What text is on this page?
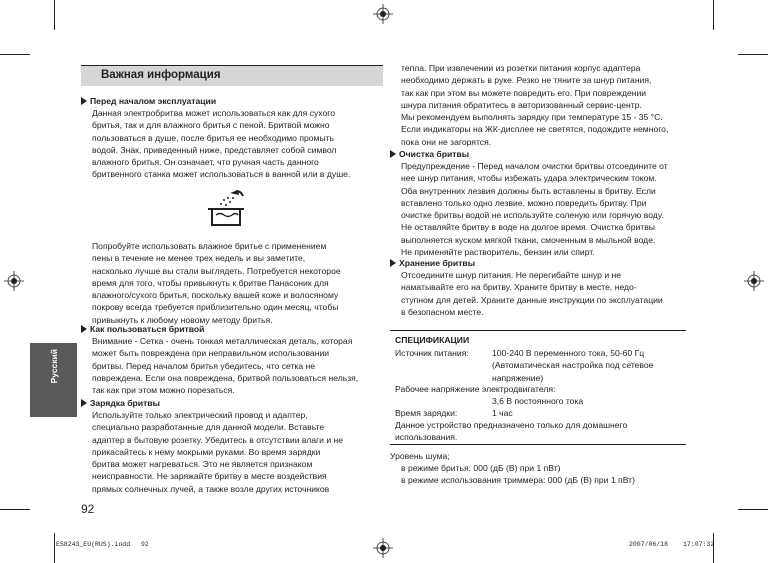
Важная информация
Перед началом эксплуатации
Данная электробритва может использоваться как для сухого
бритья, так и для влажного бритья с пеной. Бритвой можно
пользоваться в душе, после бритья ее необходимо промыть
водой. Знак, приведенный ниже, представляет собой символ
влажного бритья. Он означает, что ручная часть данного
бритвенного станка может использоваться в ванной или в душе.
Попробуйте использовать влажное бритье с применением
пены в течение не менее трех недель и вы заметите,
насколько лучше вы стали выглядеть. Потребуется некоторое
время для того, чтобы привыкнуть к бритве Панасоник для
влажного/сухого бритья, поскольку вашей коже и волосяному
покрову всегда требуется приблизительно один месяц, чтобы
привыкнуть к любому новому методу бритья.
Как пользоваться бритвой
Внимание - Сетка - очень тонкая металлическая деталь, которая
может быть повреждена при неправильном использовании
бритвы. Перед началом бритья убедитесь, что сетка не
повреждена. Если она повреждена, бритвой пользоваться нельзя,
так как при этом можно порезаться.
Зарядка бритвы
Используйте только электрический провод и адаптер,
специально разработанные для данной модели. Вставьте
адаптер в бытовую розетку. Убедитесь в отсутствии влаги и не
прикасайтесь к нему мокрыми руками. Во время зарядки
бритва может нагреваться. Это не является признаком
неисправности. Не заряжайте бритву в месте воздействия
прямых солнечных лучей, а также возле других источников
Русский
92
тепла. При извлечении из розетки питания корпус адаптера
необходимо держать в руке. Резко не тяните за шнур питания,
так как при этом вы можете повредить его. При повреждении
шнура питания обратитесь в авторизованный сервис-центр.
Мы рекомендуем выполнять зарядку при температуре 15 - 35 °C.
Если индикаторы на ЖК-дисплее не светятся, подождите немного,
пока они не загорятся.
Очистка бритвы
Предупреждение - Перед началом очистки бритвы отсоедините от
нее шнур питания, чтобы избежать удара электрическим током.
Оба внутренних лезвия должны быть вставлены в бритву. Если
вставлено только одно лезвие, можно повредить бритву. При
очистке бритвы водой не используйте соленую или горячую воду.
Не оставляйте бритву в воде на долгое время. Очистка бритвы
выполняется куском мягкой ткани, смоченным в мыльной воде.
Не применяйте растворитель, бензин или спирт.
Хранение бритвы
Отсоедините шнур питания. Не перегибайте шнур и не
наматывайте его на бритву. Храните бритву в месте, недо-
ступном для детей. Храните данные инструкции по эксплуатации
в безопасном месте.
СПЕЦИФИКАЦИИ
Источник питания:	100-240 В переменного тока, 50-60 Гц
(Автоматическая настройка под сетевое
напряжение)
Рабочее напряжение электродвигателя:
3,6 В постоянного тока
Время зарядки:	1 час
Данное устройство предназначено только для домашнего
использования.
Уровень шума;
в режиме бритья: 000 (дБ (В) при 1 пВт)
в режиме использования триммера: 000 (дБ (В) при 1 пВт)
ES8243_EU(RUS).indd 92	2007/06/18 17:07:32
